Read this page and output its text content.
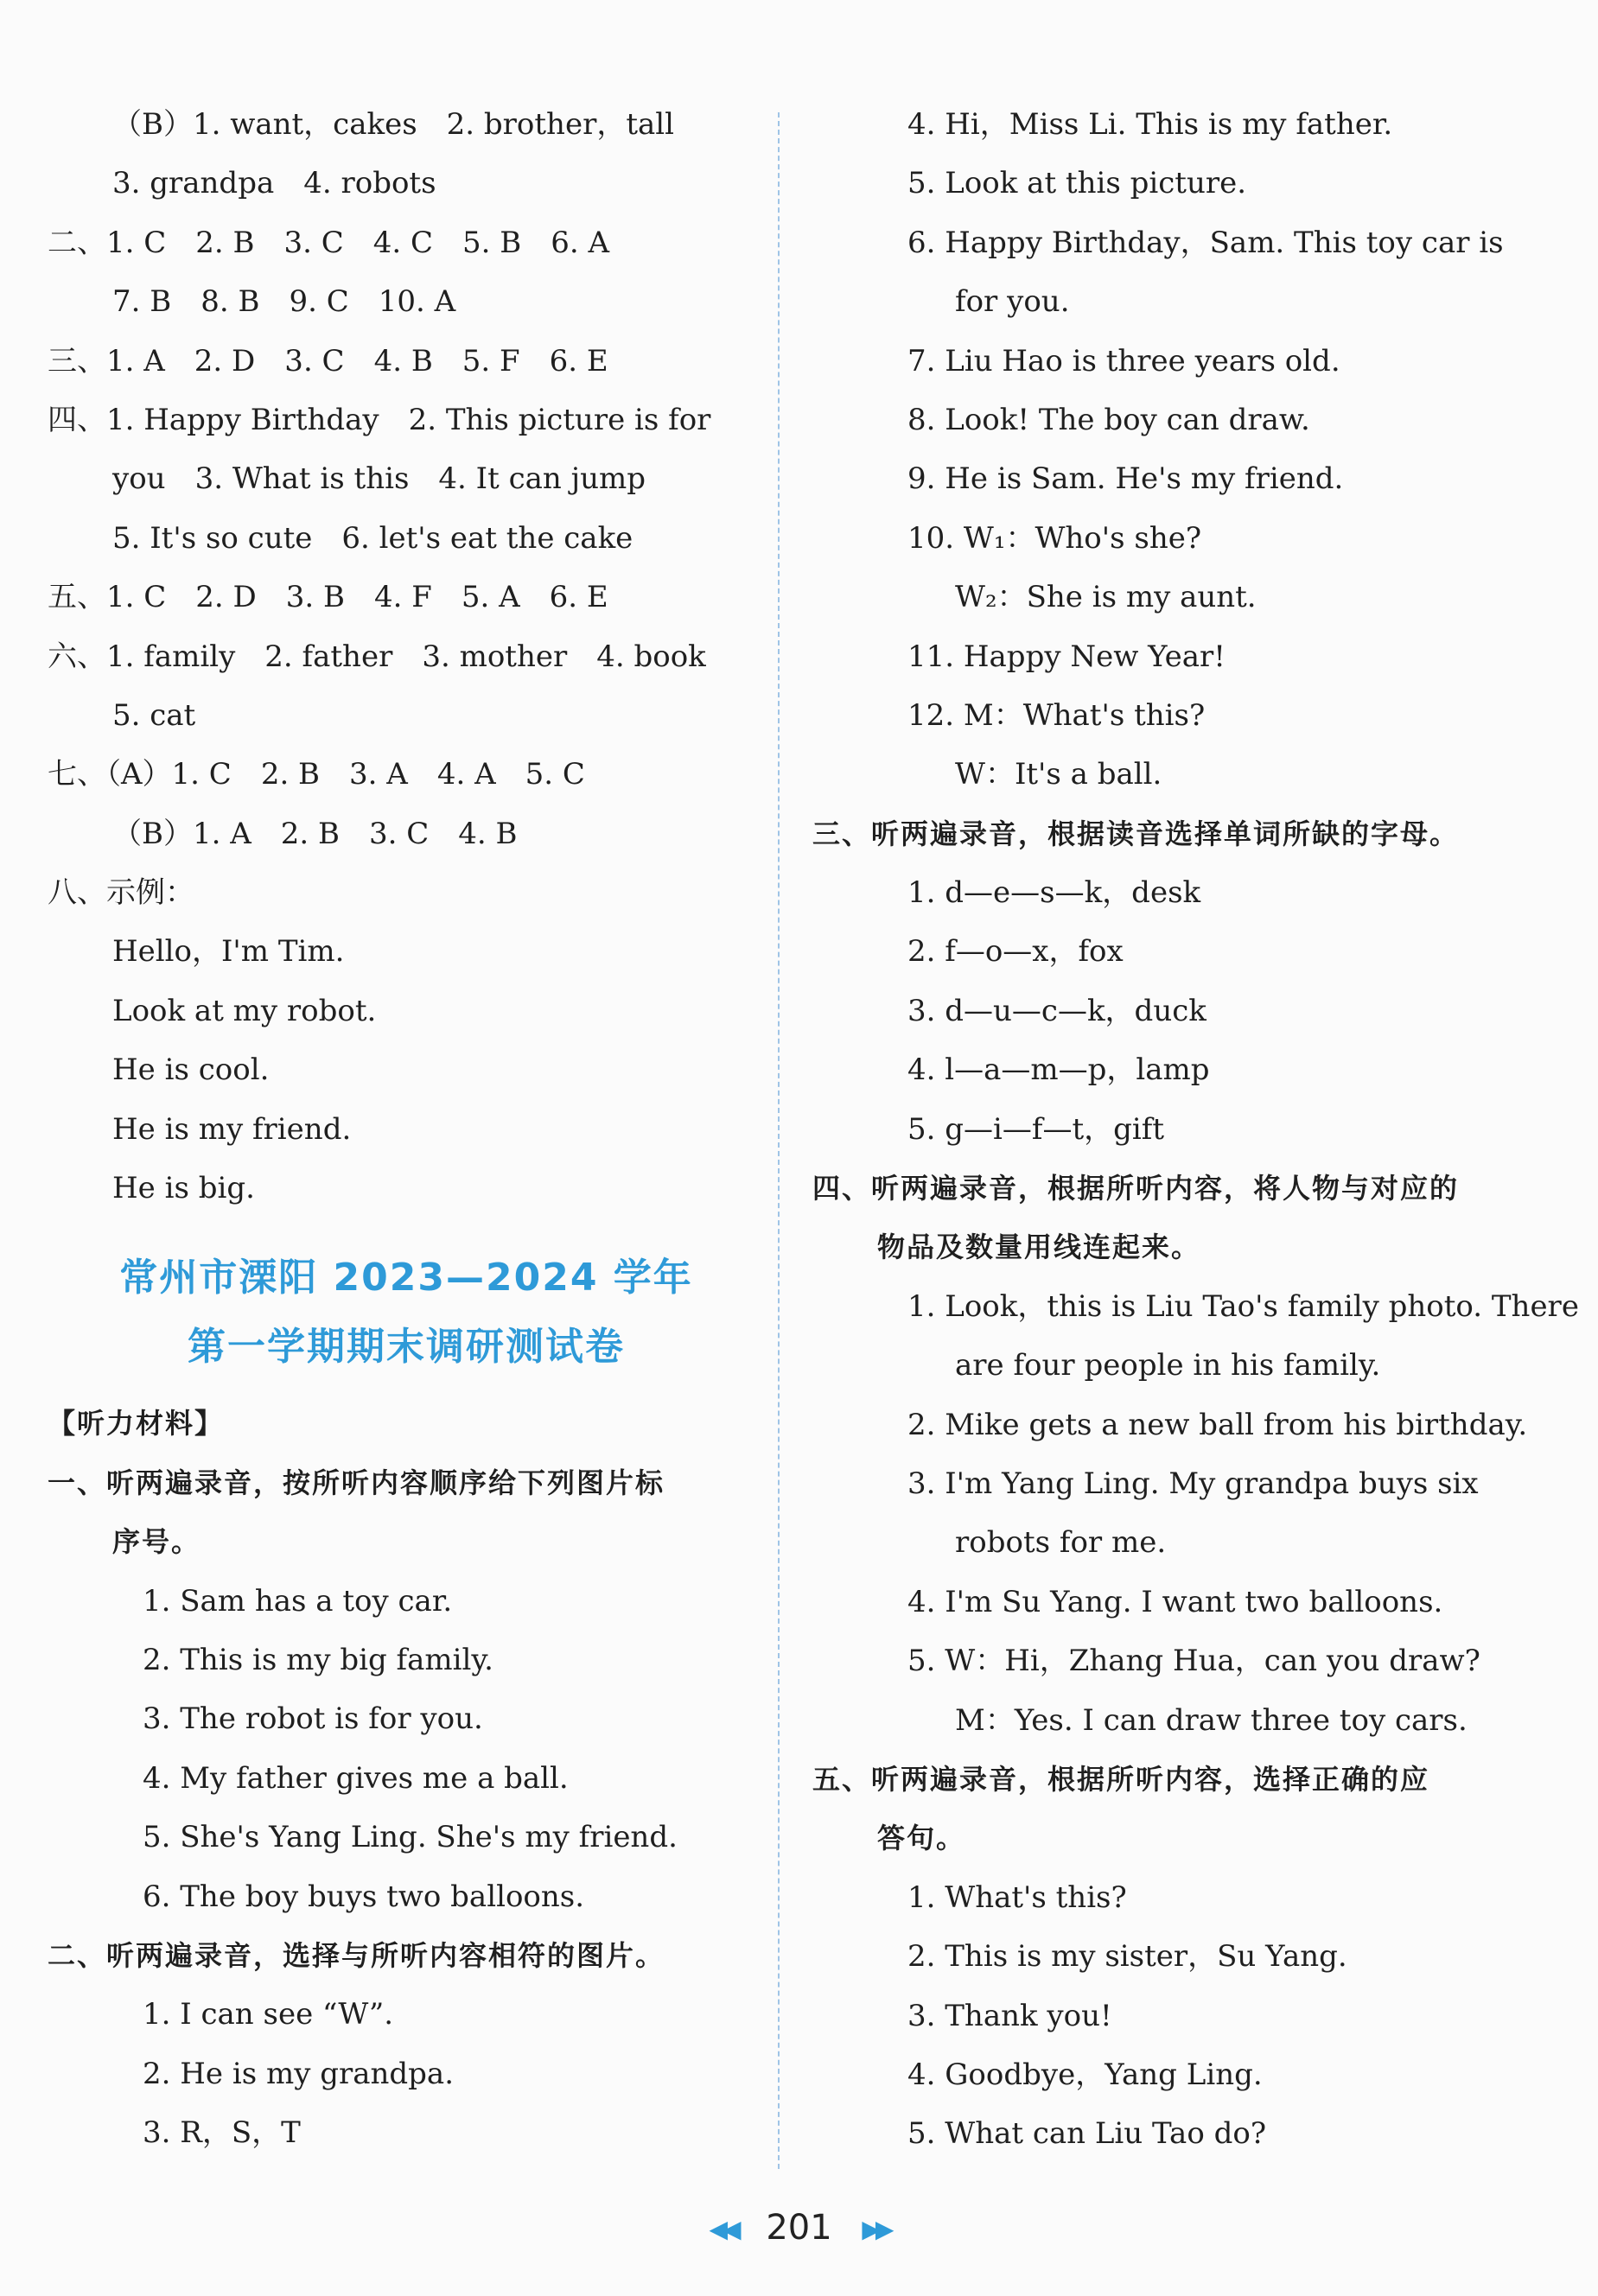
（B）1. want，cakes　2. brother，tall
3. grandpa　4. robots
二、1. C　2. B　3. C　4. C　5. B　6. A
7. B　8. B　9. C　10. A
三、1. A　2. D　3. C　4. B　5. F　6. E
四、1. Happy Birthday　2. This picture is for
you　3. What is this　4. It can jump
5. It's so cute　6. let's eat the cake
五、1. C　2. D　3. B　4. F　5. A　6. E
六、1. family　2. father　3. mother　4. book
5. cat
七、（A）1. C　2. B　3. A　4. A　5. C
（B）1. A　2. B　3. C　4. B
八、示例：
Hello，I'm Tim.
Look at my robot.
He is cool.
He is my friend.
He is big.
常州市溧阳 2023—2024 学年
第一学期期末调研测试卷
【听力材料】
一、听两遍录音，按所听内容顺序给下列图片标
序号。
1. Sam has a toy car.
2. This is my big family.
3. The robot is for you.
4. My father gives me a ball.
5. She's Yang Ling. She's my friend.
6. The boy buys two balloons.
二、听两遍录音，选择与所听内容相符的图片。
1. I can see “W”.
2. He is my grandpa.
3. R，S，T
4. Hi，Miss Li. This is my father.
5. Look at this picture.
6. Happy Birthday，Sam. This toy car is
for you.
7. Liu Hao is three years old.
8. Look! The boy can draw.
9. He is Sam. He's my friend.
10. W₁：Who's she?
W₂：She is my aunt.
11. Happy New Year!
12. M：What's this?
W：It's a ball.
三、听两遍录音，根据读音选择单词所缺的字母。
1. d—e—s—k，desk
2. f—o—x，fox
3. d—u—c—k，duck
4. l—a—m—p，lamp
5. g—i—f—t，gift
四、听两遍录音，根据所听内容，将人物与对应的
物品及数量用线连起来。
1. Look，this is Liu Tao's family photo. There
are four people in his family.
2. Mike gets a new ball from his birthday.
3. I'm Yang Ling. My grandpa buys six
robots for me.
4. I'm Su Yang. I want two balloons.
5. W：Hi，Zhang Hua，can you draw?
M：Yes. I can draw three toy cars.
五、听两遍录音，根据所听内容，选择正确的应
答句。
1. What's this?
2. This is my sister，Su Yang.
3. Thank you!
4. Goodbye，Yang Ling.
5. What can Liu Tao do?
◀◀ 201 ▶▶
